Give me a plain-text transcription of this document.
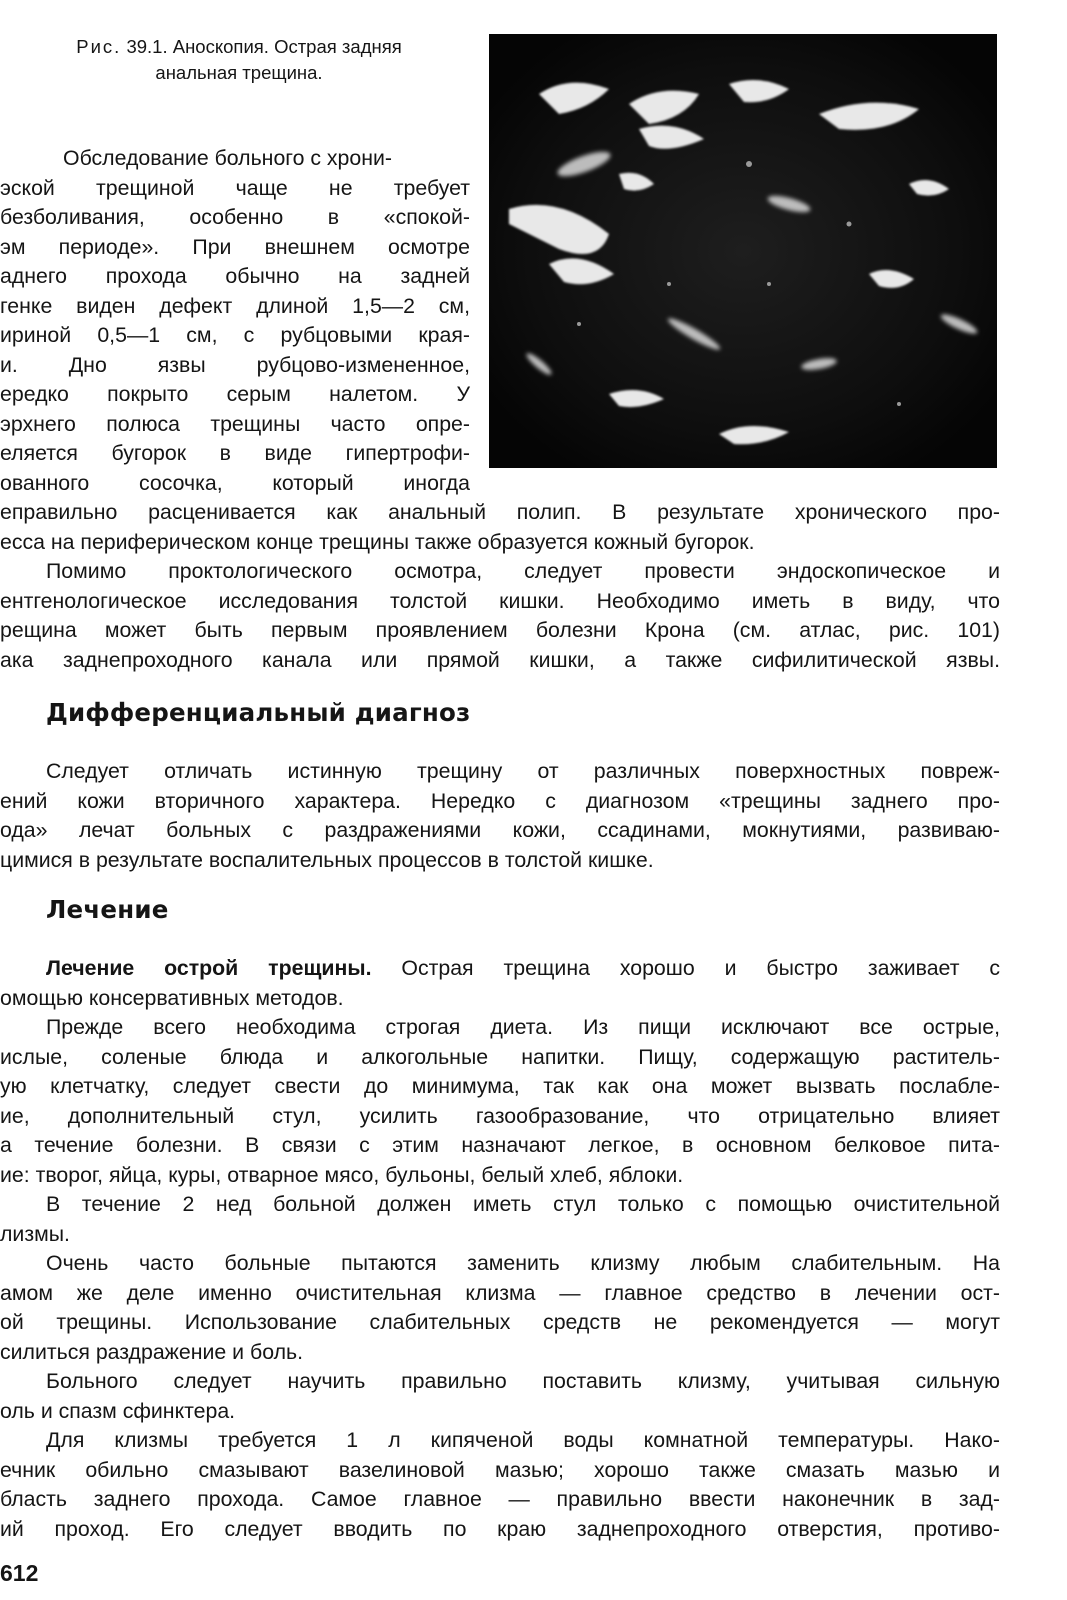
Рис. 39.1. Аноскопия. Острая задняя
анальная трещина.
Обследование больного с хрони-
эской трещиной чаще не требует
безболивания, особенно в «спокой-
эм периоде». При внешнем осмотре
аднего прохода обычно на задней
генке виден дефект длиной 1,5—2 см,
ириной 0,5—1 см, с рубцовыми края-
и. Дно язвы рубцово-измененное,
еpедко покрыто серым налетом. У
эрхнего полюса трещины часто опре-
еляется бугорок в виде гипертрофи-
ованного сосочка, который иногда
еправильно расценивается как анальный полип. В результате хронического про-
есса на периферическом конце трещины также образуется кожный бугорок.
Помимо проктологического осмотра, следует провести эндоскопическое и
ентгенологическое исследования толстой кишки. Необходимо иметь в виду, что
рещина может быть первым проявлением болезни Крона (см. атлас, рис. 101)
ака заднепроходного канала или прямой кишки, а также сифилитической язвы.
Дифференциальный диагноз
Следует отличать истинную трещину от различных поверхностных повреж-
ений кожи вторичного характера. Нередко с диагнозом «трещины заднего про-
ода» лечат больных с раздражениями кожи, ссадинами, мокнутиями, развиваю-
цимися в результате воспалительных процессов в толстой кишке.
Лечение
Лечение острой трещины. Острая трещина хорошо и быстро заживает с
омощью консервативных методов.
Прежде всего необходима строгая диета. Из пищи исключают все острые,
ислые, соленые блюда и алкогольные напитки. Пищу, содержащую раститель-
ую клетчатку, следует свести до минимума, так как она может вызвать послабле-
ие, дополнительный стул, усилить газообразование, что отрицательно влияет
а течение болезни. В связи с этим назначают легкое, в основном белковое пита-
ие: творог, яйца, куры, отварное мясо, бульоны, белый хлеб, яблоки.
В течение 2 нед больной должен иметь стул только с помощью очистительной
лизмы.
Очень часто больные пытаются заменить клизму любым слабительным. На
амом же деле именно очистительная клизма — главное средство в лечении ост-
ой трещины. Использование слабительных средств не рекомендуется — могут
силиться раздражение и боль.
Больного следует научить правильно поставить клизму, учитывая сильную
оль и спазм сфинктера.
Для клизмы требуется 1 л кипяченой воды комнатной температуры. Нако-
ечник обильно смазывают вазелиновой мазью; хорошо также смазать мазью и
бласть заднего прохода. Самое главное — правильно ввести наконечник в зад-
ий проход. Его следует вводить по краю заднепроходного отверстия, противо-
612
